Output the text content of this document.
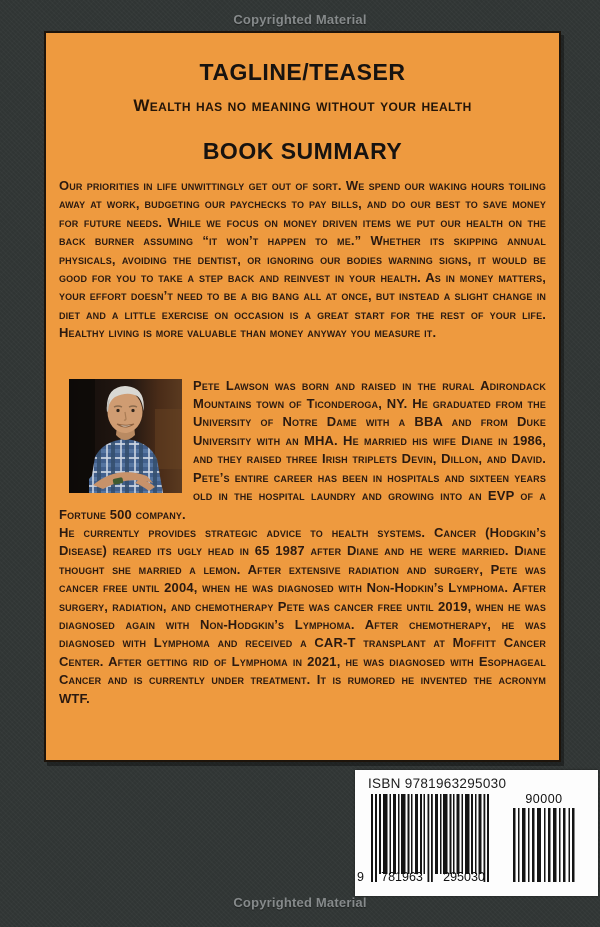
Copyrighted Material
TAGLINE/TEASER
Wealth has no meaning without your health
BOOK SUMMARY

Our priorities in life unwittingly get out of sort. We spend our waking hours toiling away at work, budgeting our paychecks to pay bills, and do our best to save money for future needs. While we focus on money driven items we put our health on the back burner assuming “it won’t happen to me.” Whether its skipping annual physicals, avoiding the dentist, or ignoring our bodies warning signs, it would be good for you to take a step back and reinvest in your health. As in money matters, your effort doesn’t need to be a big bang all at once, but instead a slight change in diet and a little exercise on occasion is a great start for the rest of your life. Healthy living is more valuable than money anyway you measure it.

Pete Lawson was born and raised in the rural Adirondack Mountains town of Ticonderoga, NY. He graduated from the University of Notre Dame with a BBA and from Duke University with an MHA. He married his wife Diane in 1986, and they raised three Irish triplets Devin, Dillon, and David. Pete’s entire career has been in hospitals and sixteen years old in the hospital laundry and growing into an EVP of a Fortune 500 company.

He currently provides strategic advice to health systems. Cancer (Hodgkin’s Disease) reared its ugly head in 65 1987 after Diane and he were married. Diane thought she married a lemon. After extensive radiation and surgery, Pete was cancer free until 2004, when he was diagnosed with Non-Hodkin’s Lymphoma. After surgery, radiation, and chemotherapy Pete was cancer free until 2019, when he was diagnosed again with Non-Hodgkin’s Lymphoma. After chemotherapy, he was diagnosed with Lymphoma and received a CAR-T transplant at Moffitt Cancer Center. After getting rid of Lymphoma in 2021, he was diagnosed with Esophageal Cancer and is currently under treatment. It is rumored he invented the acronym WTF.

ISBN 9781963295030
9	781963	295030
90000
Copyrighted Material
